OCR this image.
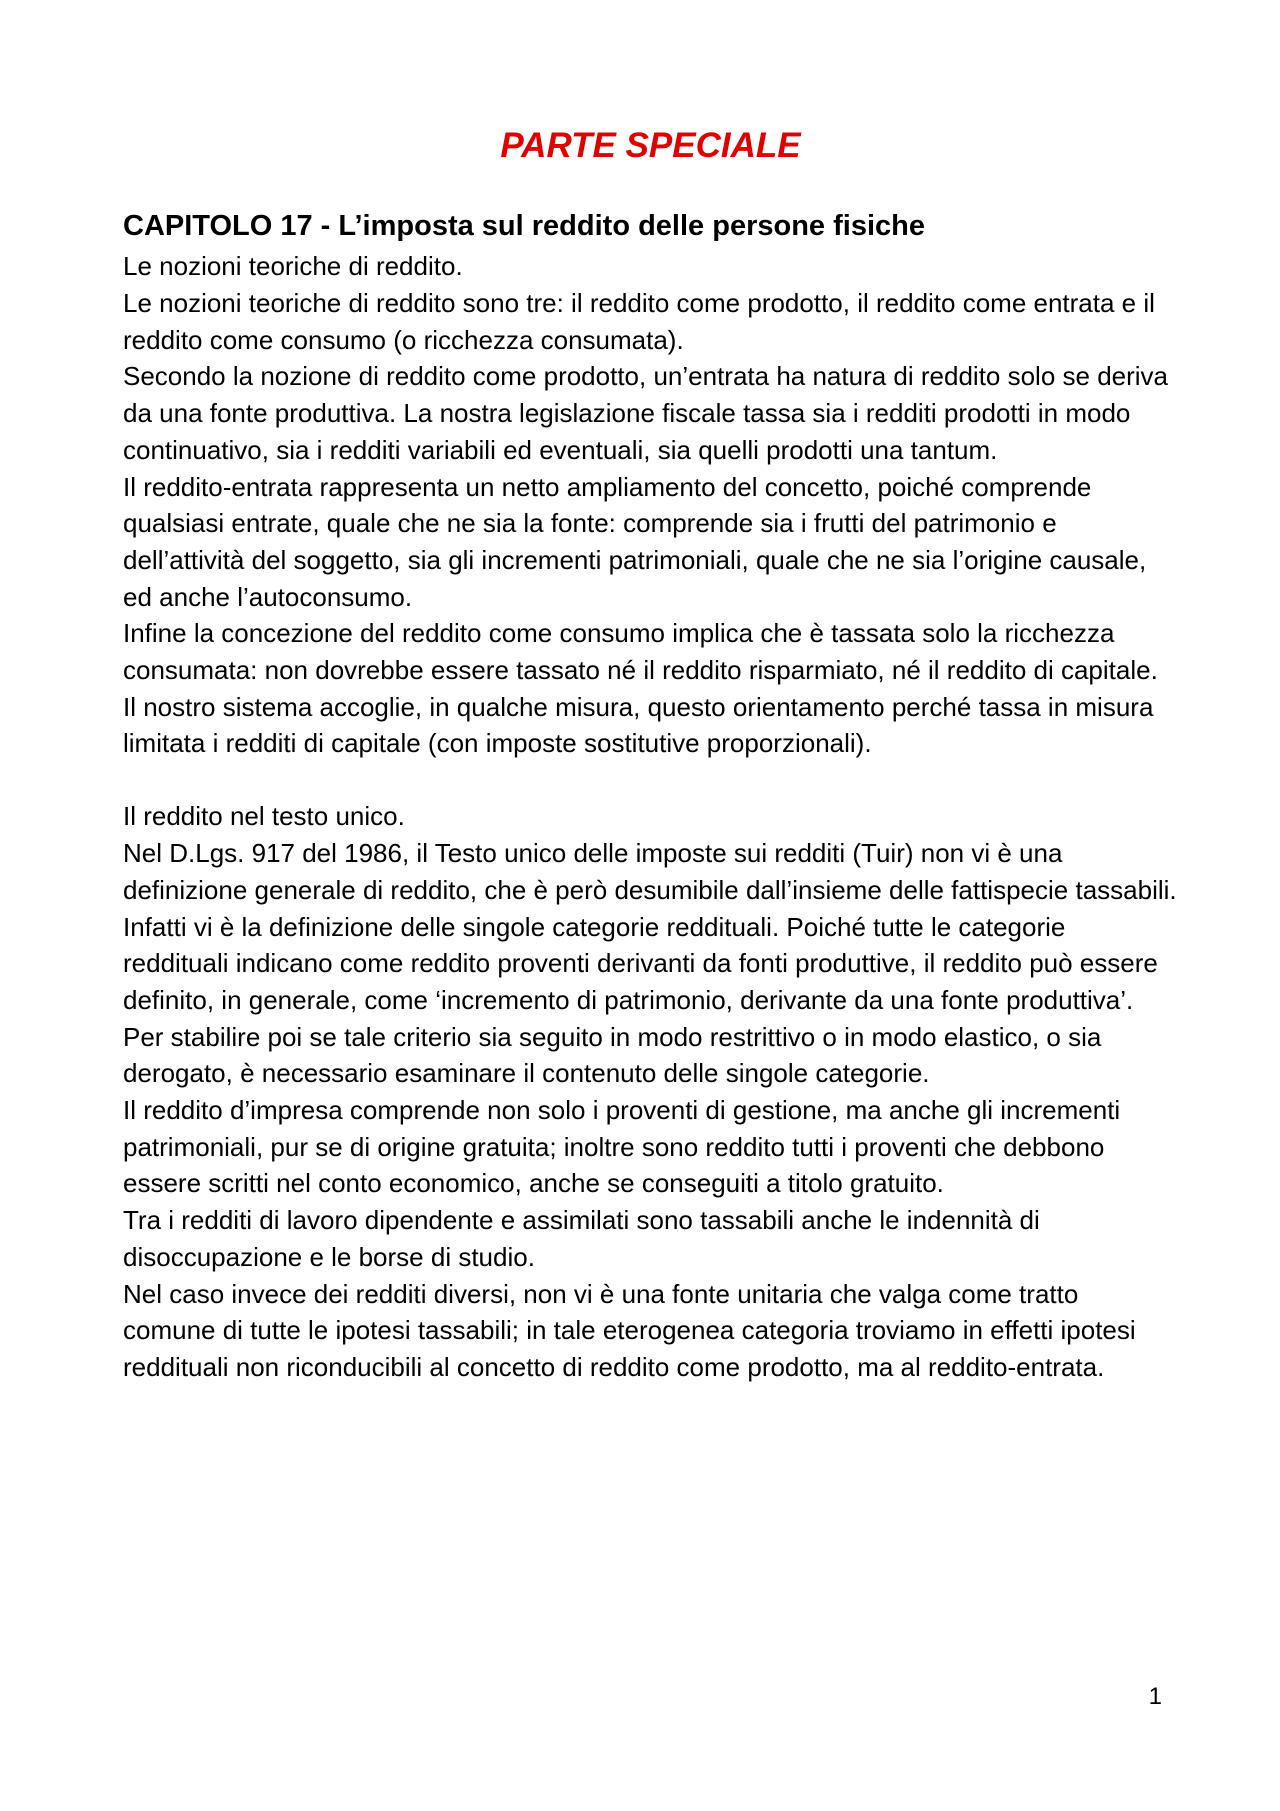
PARTE SPECIALE
CAPITOLO 17 - L’imposta sul reddito delle persone fisiche
Le nozioni teoriche di reddito.

Le nozioni teoriche di reddito sono tre: il reddito come prodotto, il reddito come entrata e il reddito come consumo (o ricchezza consumata).

Secondo la nozione di reddito come prodotto, un’entrata ha natura di reddito solo se deriva da una fonte produttiva. La nostra legislazione fiscale tassa sia i redditi prodotti in modo continuativo, sia i redditi variabili ed eventuali, sia quelli prodotti una tantum.

Il reddito-entrata rappresenta un netto ampliamento del concetto, poiché comprende qualsiasi entrate, quale che ne sia la fonte: comprende sia i frutti del patrimonio e dell’attività del soggetto, sia gli incrementi patrimoniali, quale che ne sia l’origine causale, ed anche l’autoconsumo.

Infine la concezione del reddito come consumo implica che è tassata solo la ricchezza consumata: non dovrebbe essere tassato né il reddito risparmiato, né il reddito di capitale.

Il nostro sistema accoglie, in qualche misura, questo orientamento perché tassa in misura limitata i redditi di capitale (con imposte sostitutive proporzionali).

Il reddito nel testo unico.

Nel D.Lgs. 917 del 1986, il Testo unico delle imposte sui redditi (Tuir) non vi è una definizione generale di reddito, che è però desumibile dall’insieme delle fattispecie tassabili. Infatti vi è la definizione delle singole categorie reddituali. Poiché tutte le categorie reddituali indicano come reddito proventi derivanti da fonti produttive, il reddito può essere definito, in generale, come ‘incremento di patrimonio, derivante da una fonte produttiva’.

Per stabilire poi se tale criterio sia seguito in modo restrittivo o in modo elastico, o sia derogato, è necessario esaminare il contenuto delle singole categorie.

Il reddito d’impresa comprende non solo i proventi di gestione, ma anche gli incrementi patrimoniali, pur se di origine gratuita; inoltre sono reddito tutti i proventi che debbono essere scritti nel conto economico, anche se conseguiti a titolo gratuito.

Tra i redditi di lavoro dipendente e assimilati sono tassabili anche le indennità di disoccupazione e le borse di studio.

Nel caso invece dei redditi diversi, non vi è una fonte unitaria che valga come tratto comune di tutte le ipotesi tassabili; in tale eterogenea categoria troviamo in effetti ipotesi reddituali non riconducibili al concetto di reddito come prodotto, ma al reddito-entrata.

1
